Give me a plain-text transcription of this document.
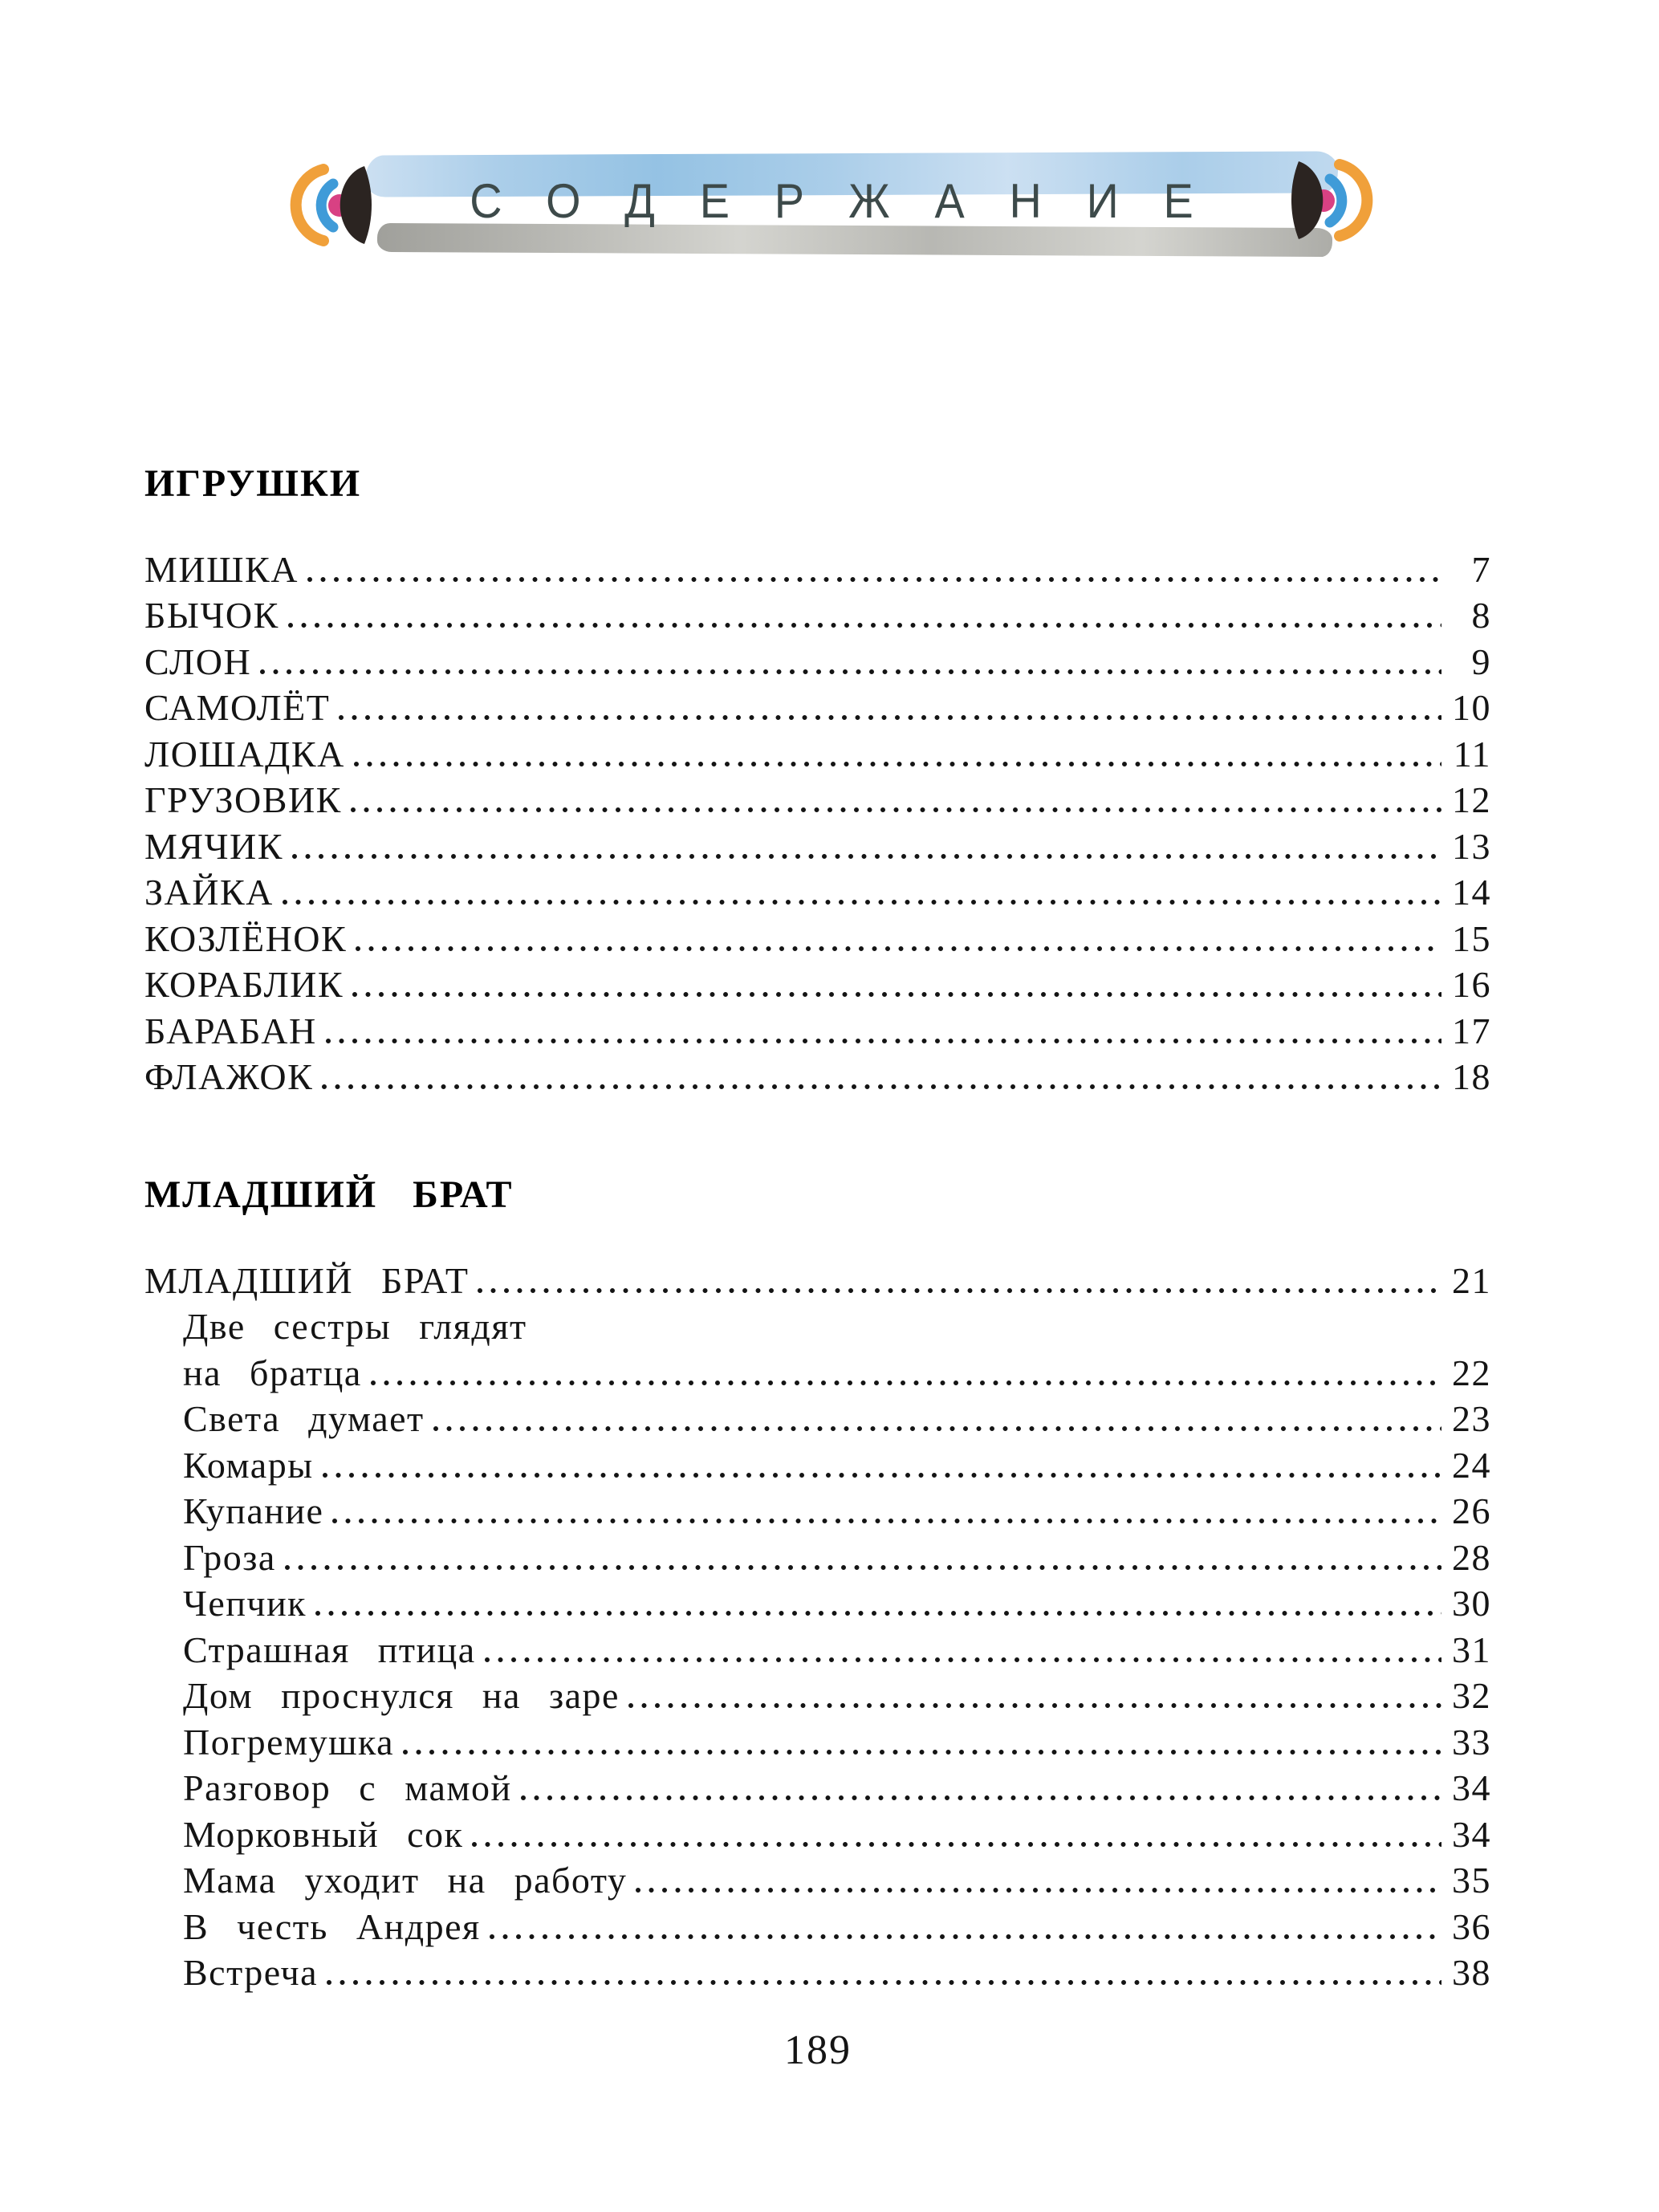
СОДЕРЖАНИЕ
ИГРУШКИ
МИШКА	7
БЫЧОК	8
СЛОН	9
САМОЛЁТ	10
ЛОШАДКА	11
ГРУЗОВИК	12
МЯЧИК	13
ЗАЙКА	14
КОЗЛЁНОК	15
КОРАБЛИК	16
БАРАБАН	17
ФЛАЖОК	18
МЛАДШИЙ БРАТ
МЛАДШИЙ БРАТ	21
Две сестры глядят
на братца	22
Света думает	23
Комары	24
Купание	26
Гроза	28
Чепчик	30
Страшная птица	31
Дом проснулся на заре	32
Погремушка	33
Разговор с мамой	34
Морковный сок	34
Мама уходит на работу	35
В честь Андрея	36
Встреча	38
189
